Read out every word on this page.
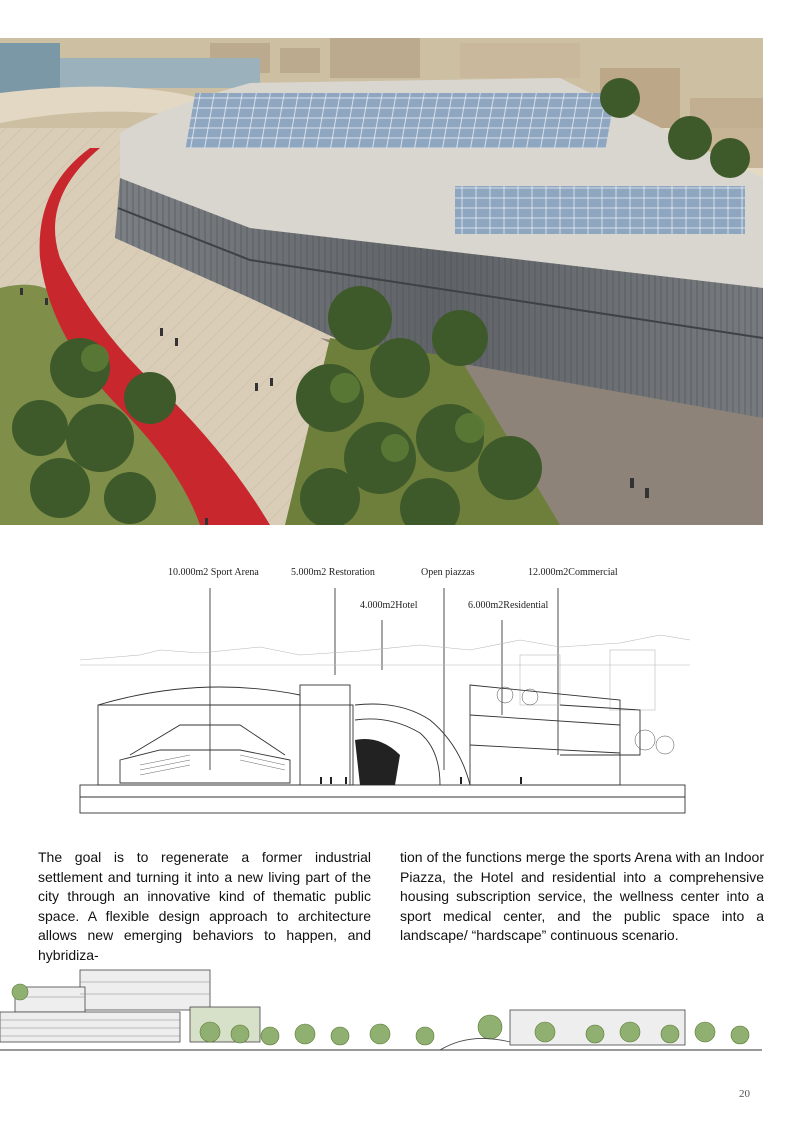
10.000m2 Sport Arena	5.000m2 Restoration
4.000m2Hotel
Open piazzas
6.000m2Residential
12.000m2Commercial

The goal is to regenerate a former industrial settlement and turning it into a new living part of the city through an innovative kind of thematic public space. A flexible design approach to architecture allows new emerging behaviors to happen, and hybridiza-

tion of the functions merge the sports Arena with an Indoor Piazza, the Hotel and residential into a comprehensive housing subscription service, the wellness center into a sport medical center, and the public space into a landscape/ “hardscape” continuous scenario.

20
